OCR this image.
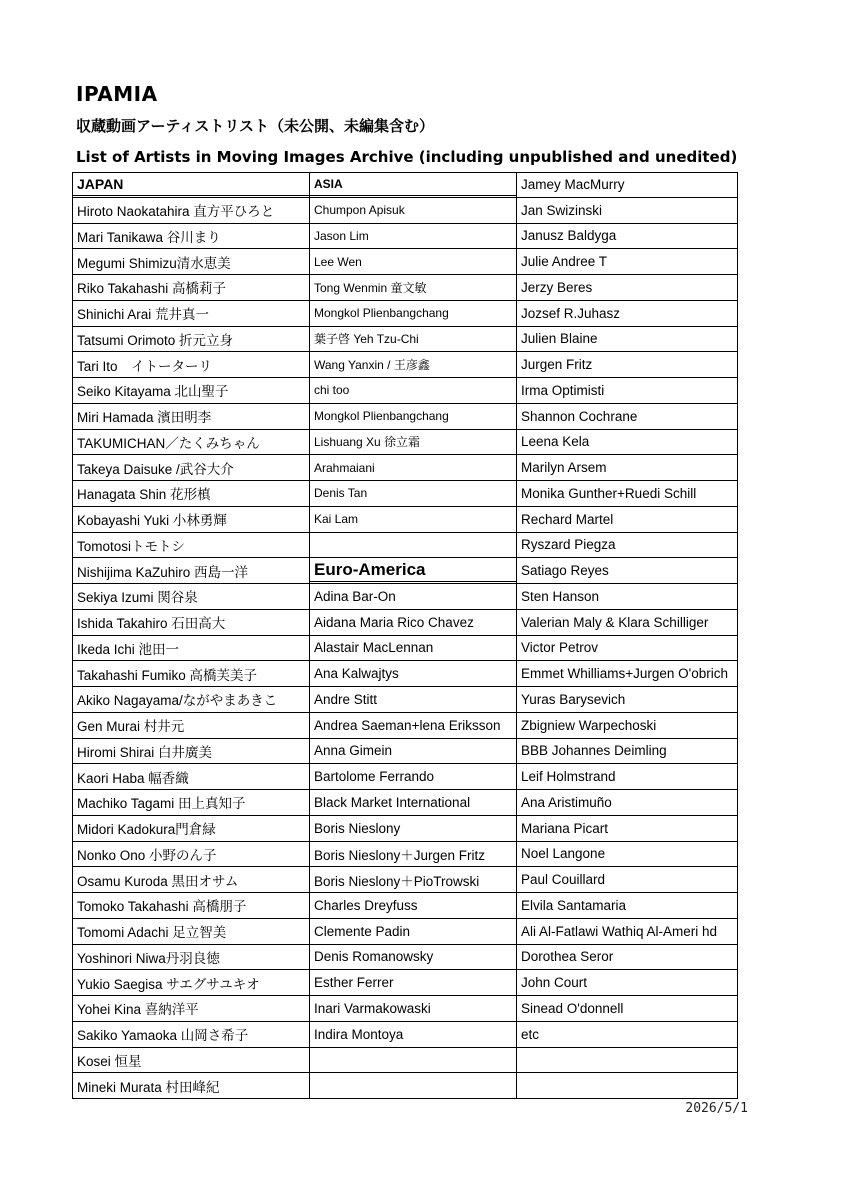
IPAMIA
収蔵動画アーティストリスト（未公開、未編集含む）
List of Artists in Moving Images Archive (including unpublished and unedited)
JAPAN
Hiroto Naokatahira 直方平ひろと
Mari Tanikawa 谷川まり
Megumi Shimizu清水恵美
Riko Takahashi 高橋莉子
Shinichi Arai 荒井真一
Tatsumi Orimoto 折元立身
Tari Ito　イトーターリ
Seiko Kitayama 北山聖子
Miri Hamada 濱田明李
TAKUMICHAN／たくみちゃん
Takeya Daisuke /武谷大介
Hanagata Shin 花形槙
Kobayashi Yuki 小林勇輝
Tomotosiトモトシ
Nishijima KaZuhiro 西島一洋
Sekiya Izumi 関谷泉
Ishida Takahiro 石田高大
Ikeda Ichi 池田一
Takahashi Fumiko 高橋芙美子
Akiko Nagayama/ながやまあきこ
Gen Murai 村井元
Hiromi Shirai 白井廣美
Kaori Haba 幅香織
Machiko Tagami 田上真知子
Midori Kadokura門倉緑
Nonko Ono 小野のん子
Osamu Kuroda 黒田オサム
Tomoko Takahashi 高橋朋子
Tomomi Adachi 足立智美
Yoshinori Niwa丹羽良徳
Yukio Saegisa サエグサユキオ
Yohei Kina 喜納洋平
Sakiko Yamaoka 山岡さ希子
Kosei 恒星
Mineki Murata 村田峰紀
ASIA
Chumpon Apisuk
Jason Lim
Lee Wen
Tong Wenmin 童文敏
Mongkol Plienbangchang
葉子啓 Yeh Tzu-Chi
Wang Yanxin / 王彦鑫
chi too
Mongkol Plienbangchang
Lishuang Xu 徐立霜
Arahmaiani
Denis Tan
Kai Lam
Euro-America
Adina Bar-On
Aidana Maria Rico Chavez
Alastair MacLennan
Ana Kalwajtys
Andre Stitt
Andrea Saeman+lena Eriksson
Anna Gimein
Bartolome Ferrando
Black Market International
Boris Nieslony
Boris Nieslony＋Jurgen Fritz
Boris Nieslony＋PioTrowski
Charles Dreyfuss
Clemente Padin
Denis Romanowsky
Esther Ferrer
Inari Varmakowaski
Indira Montoya
Jamey MacMurry
Jan Swizinski
Janusz Baldyga
Julie Andree T
Jerzy Beres
Jozsef R.Juhasz
Julien Blaine
Jurgen Fritz
Irma Optimisti
Shannon Cochrane
Leena Kela
Marilyn Arsem
Monika Gunther+Ruedi Schill
Rechard Martel
Ryszard Piegza
Satiago Reyes
Sten Hanson
Valerian Maly & Klara Schilliger
Victor Petrov
Emmet Whilliams+Jurgen O'obrich
Yuras Barysevich
Zbigniew Warpechoski
BBB Johannes Deimling
Leif Holmstrand
Ana Aristimuño
Mariana Picart
Noel Langone
Paul Couillard
Elvila Santamaria
Ali Al-Fatlawi Wathiq Al-Ameri hd
Dorothea Seror
John Court
Sinead O'donnell
etc
2026/5/1
